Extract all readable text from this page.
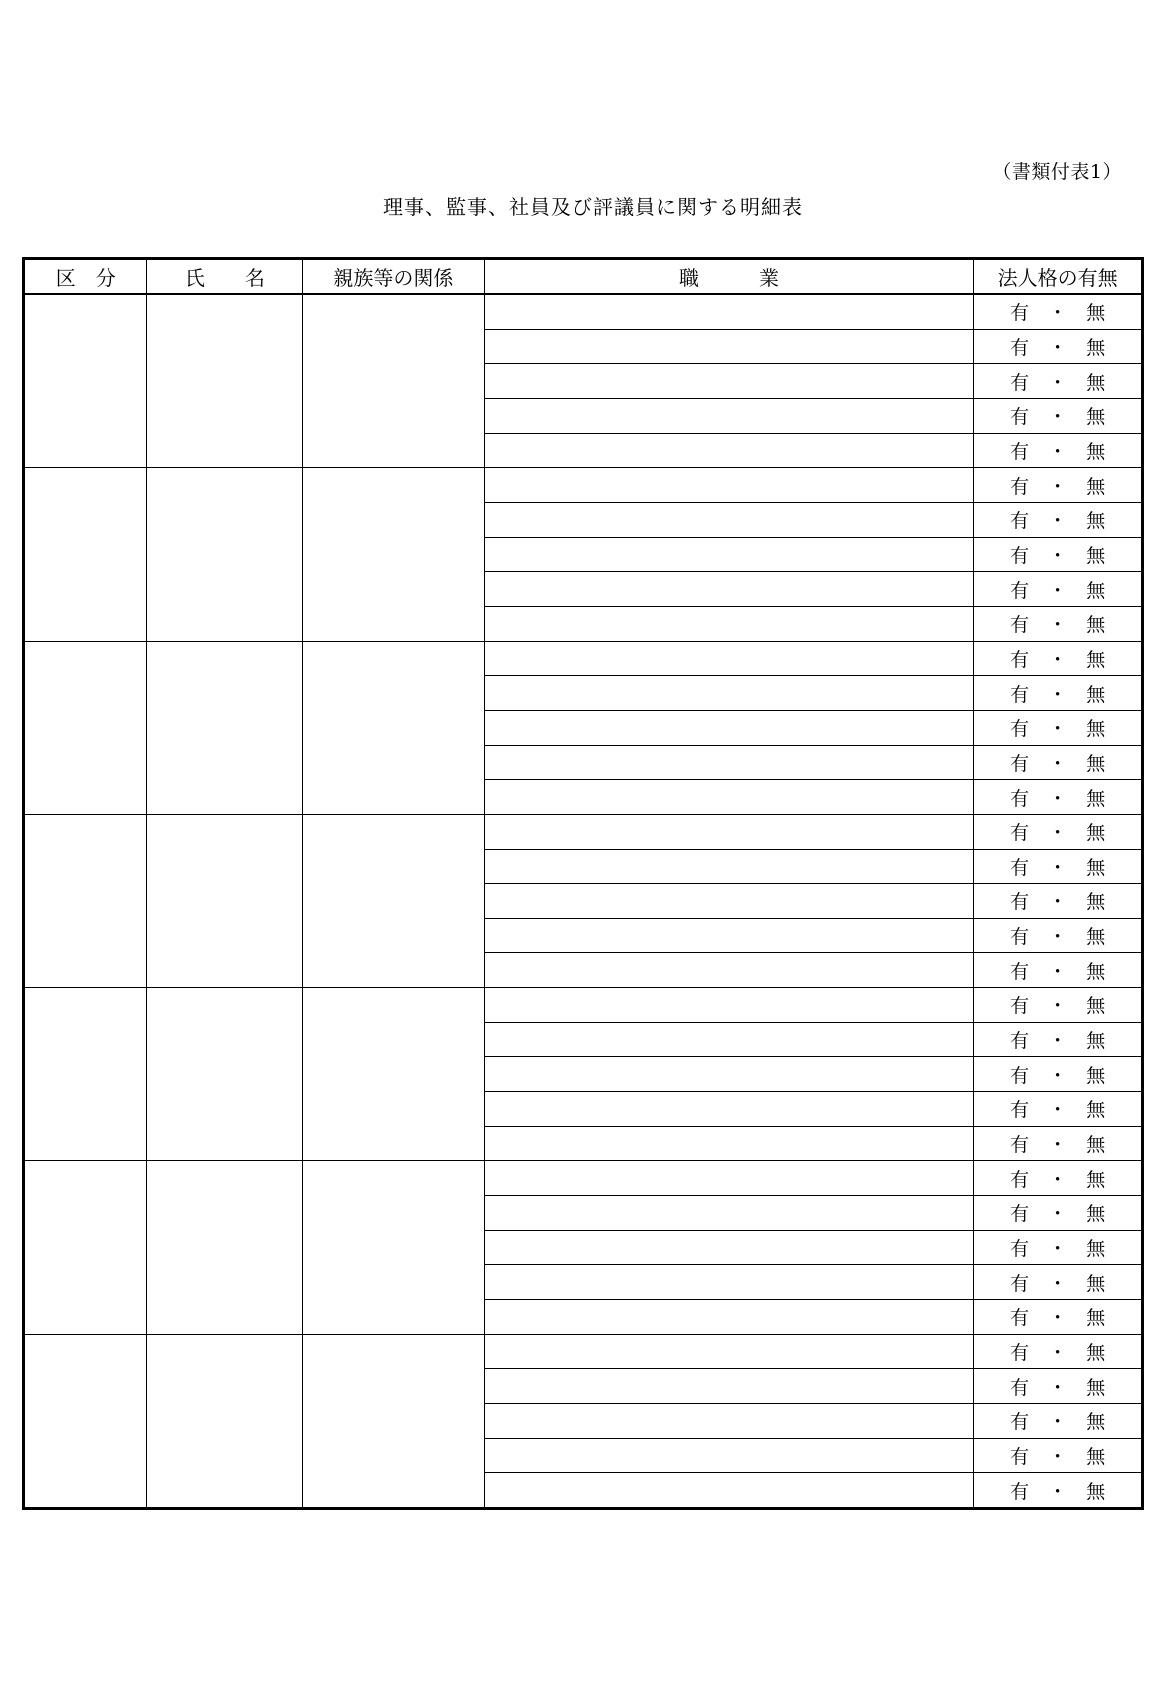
（書類付表1）
理事、監事、社員及び評議員に関する明細表
区　分	氏　　名	親族等の関係	職　　　業	法人格の有無
				有  ・  無
				有  ・  無
				有  ・  無
				有  ・  無
				有  ・  無
				有  ・  無
				有  ・  無
				有  ・  無
				有  ・  無
				有  ・  無
				有  ・  無
				有  ・  無
				有  ・  無
				有  ・  無
				有  ・  無
				有  ・  無
				有  ・  無
				有  ・  無
				有  ・  無
				有  ・  無
				有  ・  無
				有  ・  無
				有  ・  無
				有  ・  無
				有  ・  無
				有  ・  無
				有  ・  無
				有  ・  無
				有  ・  無
				有  ・  無
				有  ・  無
				有  ・  無
				有  ・  無
				有  ・  無
				有  ・  無
